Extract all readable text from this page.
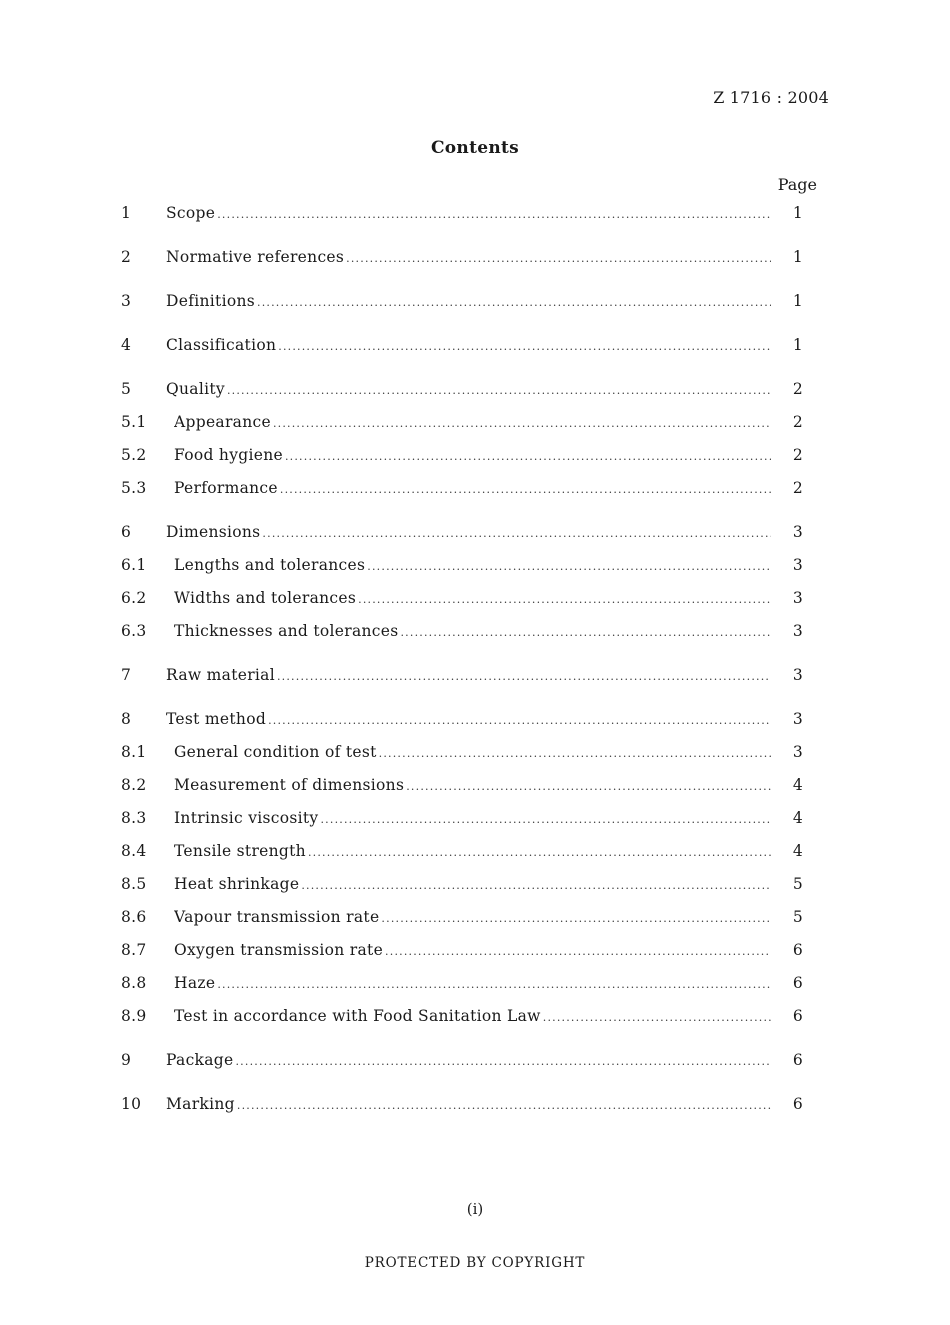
Z 1716 : 2004
Contents
Page
1 Scope .....	1
2 Normative references .....	1
3 Definitions .....	1
4 Classification .....	1
5 Quality .....	2
5.1 Appearance .....	2
5.2 Food hygiene .....	2
5.3 Performance .....	2
6 Dimensions .....	3
6.1 Lengths and tolerances .....	3
6.2 Widths and tolerances .....	3
6.3 Thicknesses and tolerances .....	3
7 Raw material .....	3
8 Test method .....	3
8.1 General condition of test .....	3
8.2 Measurement of dimensions .....	4
8.3 Intrinsic viscosity .....	4
8.4 Tensile strength .....	4
8.5 Heat shrinkage .....	5
8.6 Vapour transmission rate .....	5
8.7 Oxygen transmission rate .....	6
8.8 Haze .....	6
8.9 Test in accordance with Food Sanitation Law .....	6
9 Package .....	6
10 Marking .....	6
(i)
PROTECTED BY COPYRIGHT
